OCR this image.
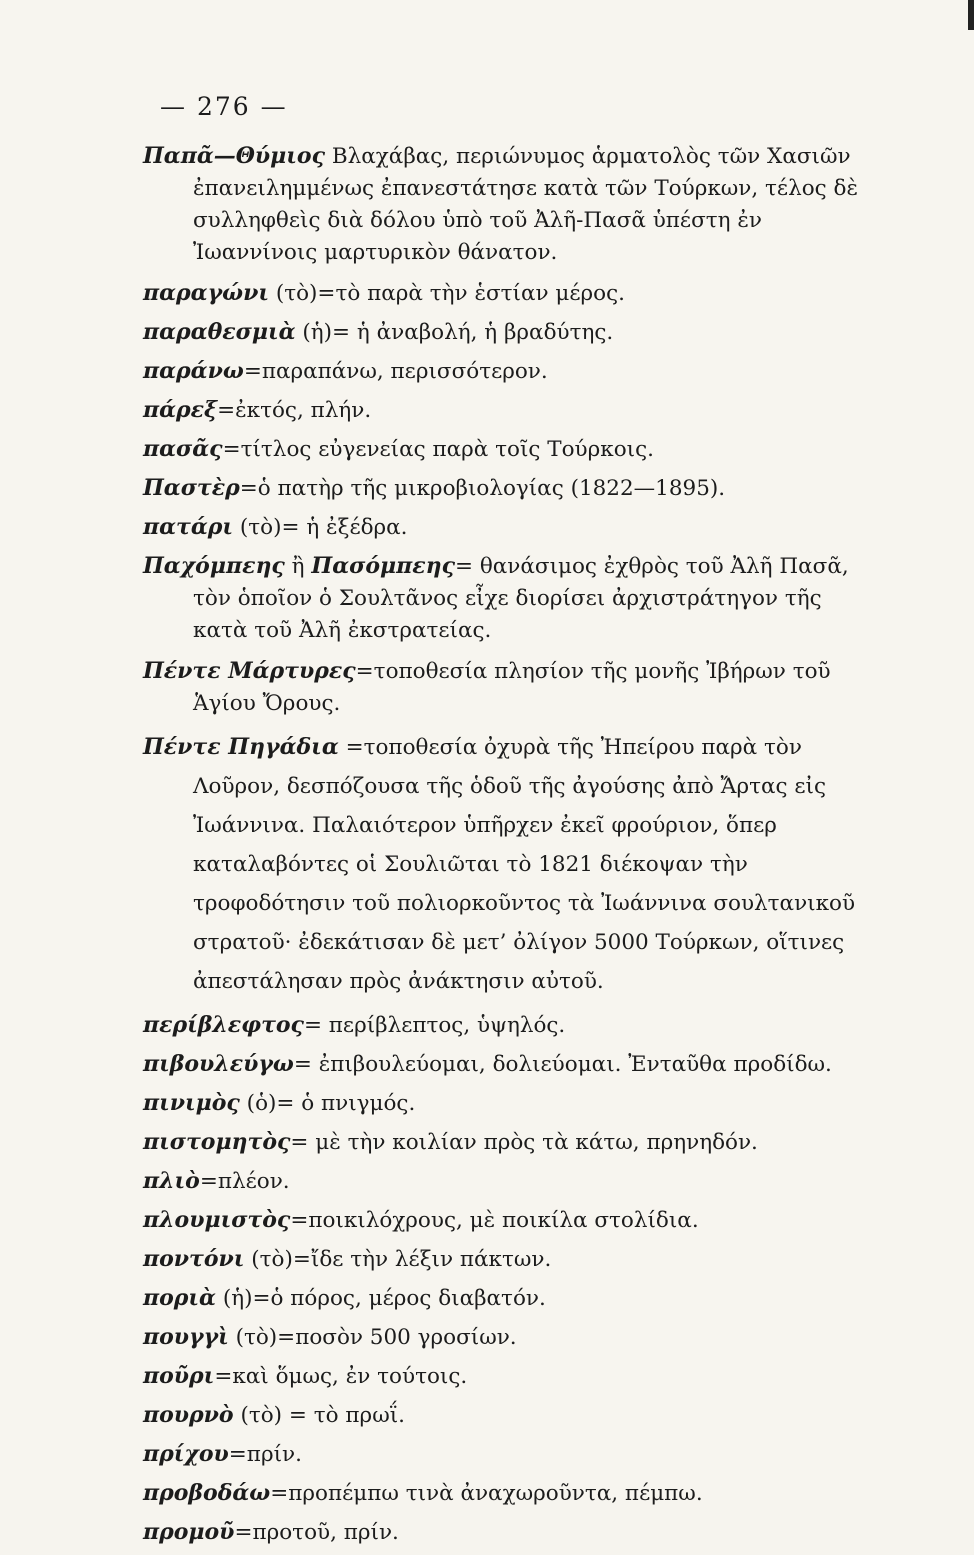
— 276 —

Παπᾶ—Θύμιος Βλαχάβας, περιώνυμος ἁρματολὸς τῶν Χασιῶν ἐπανειλημμένως ἐπανεστάτησε κατὰ τῶν Τούρκων, τέλος δὲ συλληφθεὶς διὰ δόλου ὑπὸ τοῦ Ἀλῆ-Πασᾶ ὑπέστη ἐν Ἰωαννίνοις μαρτυρικὸν θάνατον.

παραγώνι (τὸ)=τὸ παρὰ τὴν ἑστίαν μέρος.

παραθεσμιὰ (ἡ)= ἡ ἀναβολή, ἡ βραδύτης.

παράνω=παραπάνω, περισσότερον.

πάρεξ=ἐκτός, πλήν.

πασᾶς=τίτλος εὐγενείας παρὰ τοῖς Τούρκοις.

Παστὲρ=ὁ πατὴρ τῆς μικροβιολογίας (1822—1895).

πατάρι (τὸ)= ἡ ἐξέδρα.

Παχόμπεης ἢ Πασόμπεης= θανάσιμος ἐχθρὸς τοῦ Ἀλῆ Πασᾶ, τὸν ὁποῖον ὁ Σουλτᾶνος εἶχε διορίσει ἀρχιστράτηγον τῆς κατὰ τοῦ Ἀλῆ ἐκστρατείας.

Πέντε Μάρτυρες=τοποθεσία πλησίον τῆς μονῆς Ἰβήρων τοῦ Ἁγίου Ὄρους.

Πέντε Πηγάδια =τοποθεσία ὀχυρὰ τῆς Ἠπείρου παρὰ τὸν Λοῦρον, δεσπόζουσα τῆς ὁδοῦ τῆς ἀγούσης ἀπὸ Ἄρτας εἰς Ἰωάννινα. Παλαιότερον ὑπῆρχεν ἐκεῖ φρούριον, ὅπερ καταλαβόντες οἱ Σουλιῶται τὸ 1821 διέκοψαν τὴν τροφοδότησιν τοῦ πολιορκοῦντος τὰ Ἰωάννινα σουλτανικοῦ στρατοῦ· ἐδεκάτισαν δὲ μετ’ ὀλίγον 5000 Τούρκων, οἵτινες ἀπεστάλησαν πρὸς ἀνάκτησιν αὐτοῦ.

περίβλεφτος= περίβλεπτος, ὑψηλός.

πιβουλεύγω= ἐπιβουλεύομαι, δολιεύομαι. Ἐνταῦθα προδίδω.

πινιμὸς (ὁ)= ὁ πνιγμός.

πιστομητὸς= μὲ τὴν κοιλίαν πρὸς τὰ κάτω, πρηνηδόν.

πλιὸ=πλέον.

πλουμιστὸς=ποικιλόχρους, μὲ ποικίλα στολίδια.

ποντόνι (τὸ)=ἴδε τὴν λέξιν πάκτων.

ποριὰ (ἡ)=ὁ πόρος, μέρος διαβατόν.

πουγγὶ (τὸ)=ποσὸν 500 γροσίων.

ποῦρι=καὶ ὅμως, ἐν τούτοις.

πουρνὸ (τὸ) = τὸ πρωΐ.

πρίχου=πρίν.

προβοδάω=προπέμπω τινὰ ἀναχωροῦντα, πέμπω.

προμοῦ=προτοῦ, πρίν.
